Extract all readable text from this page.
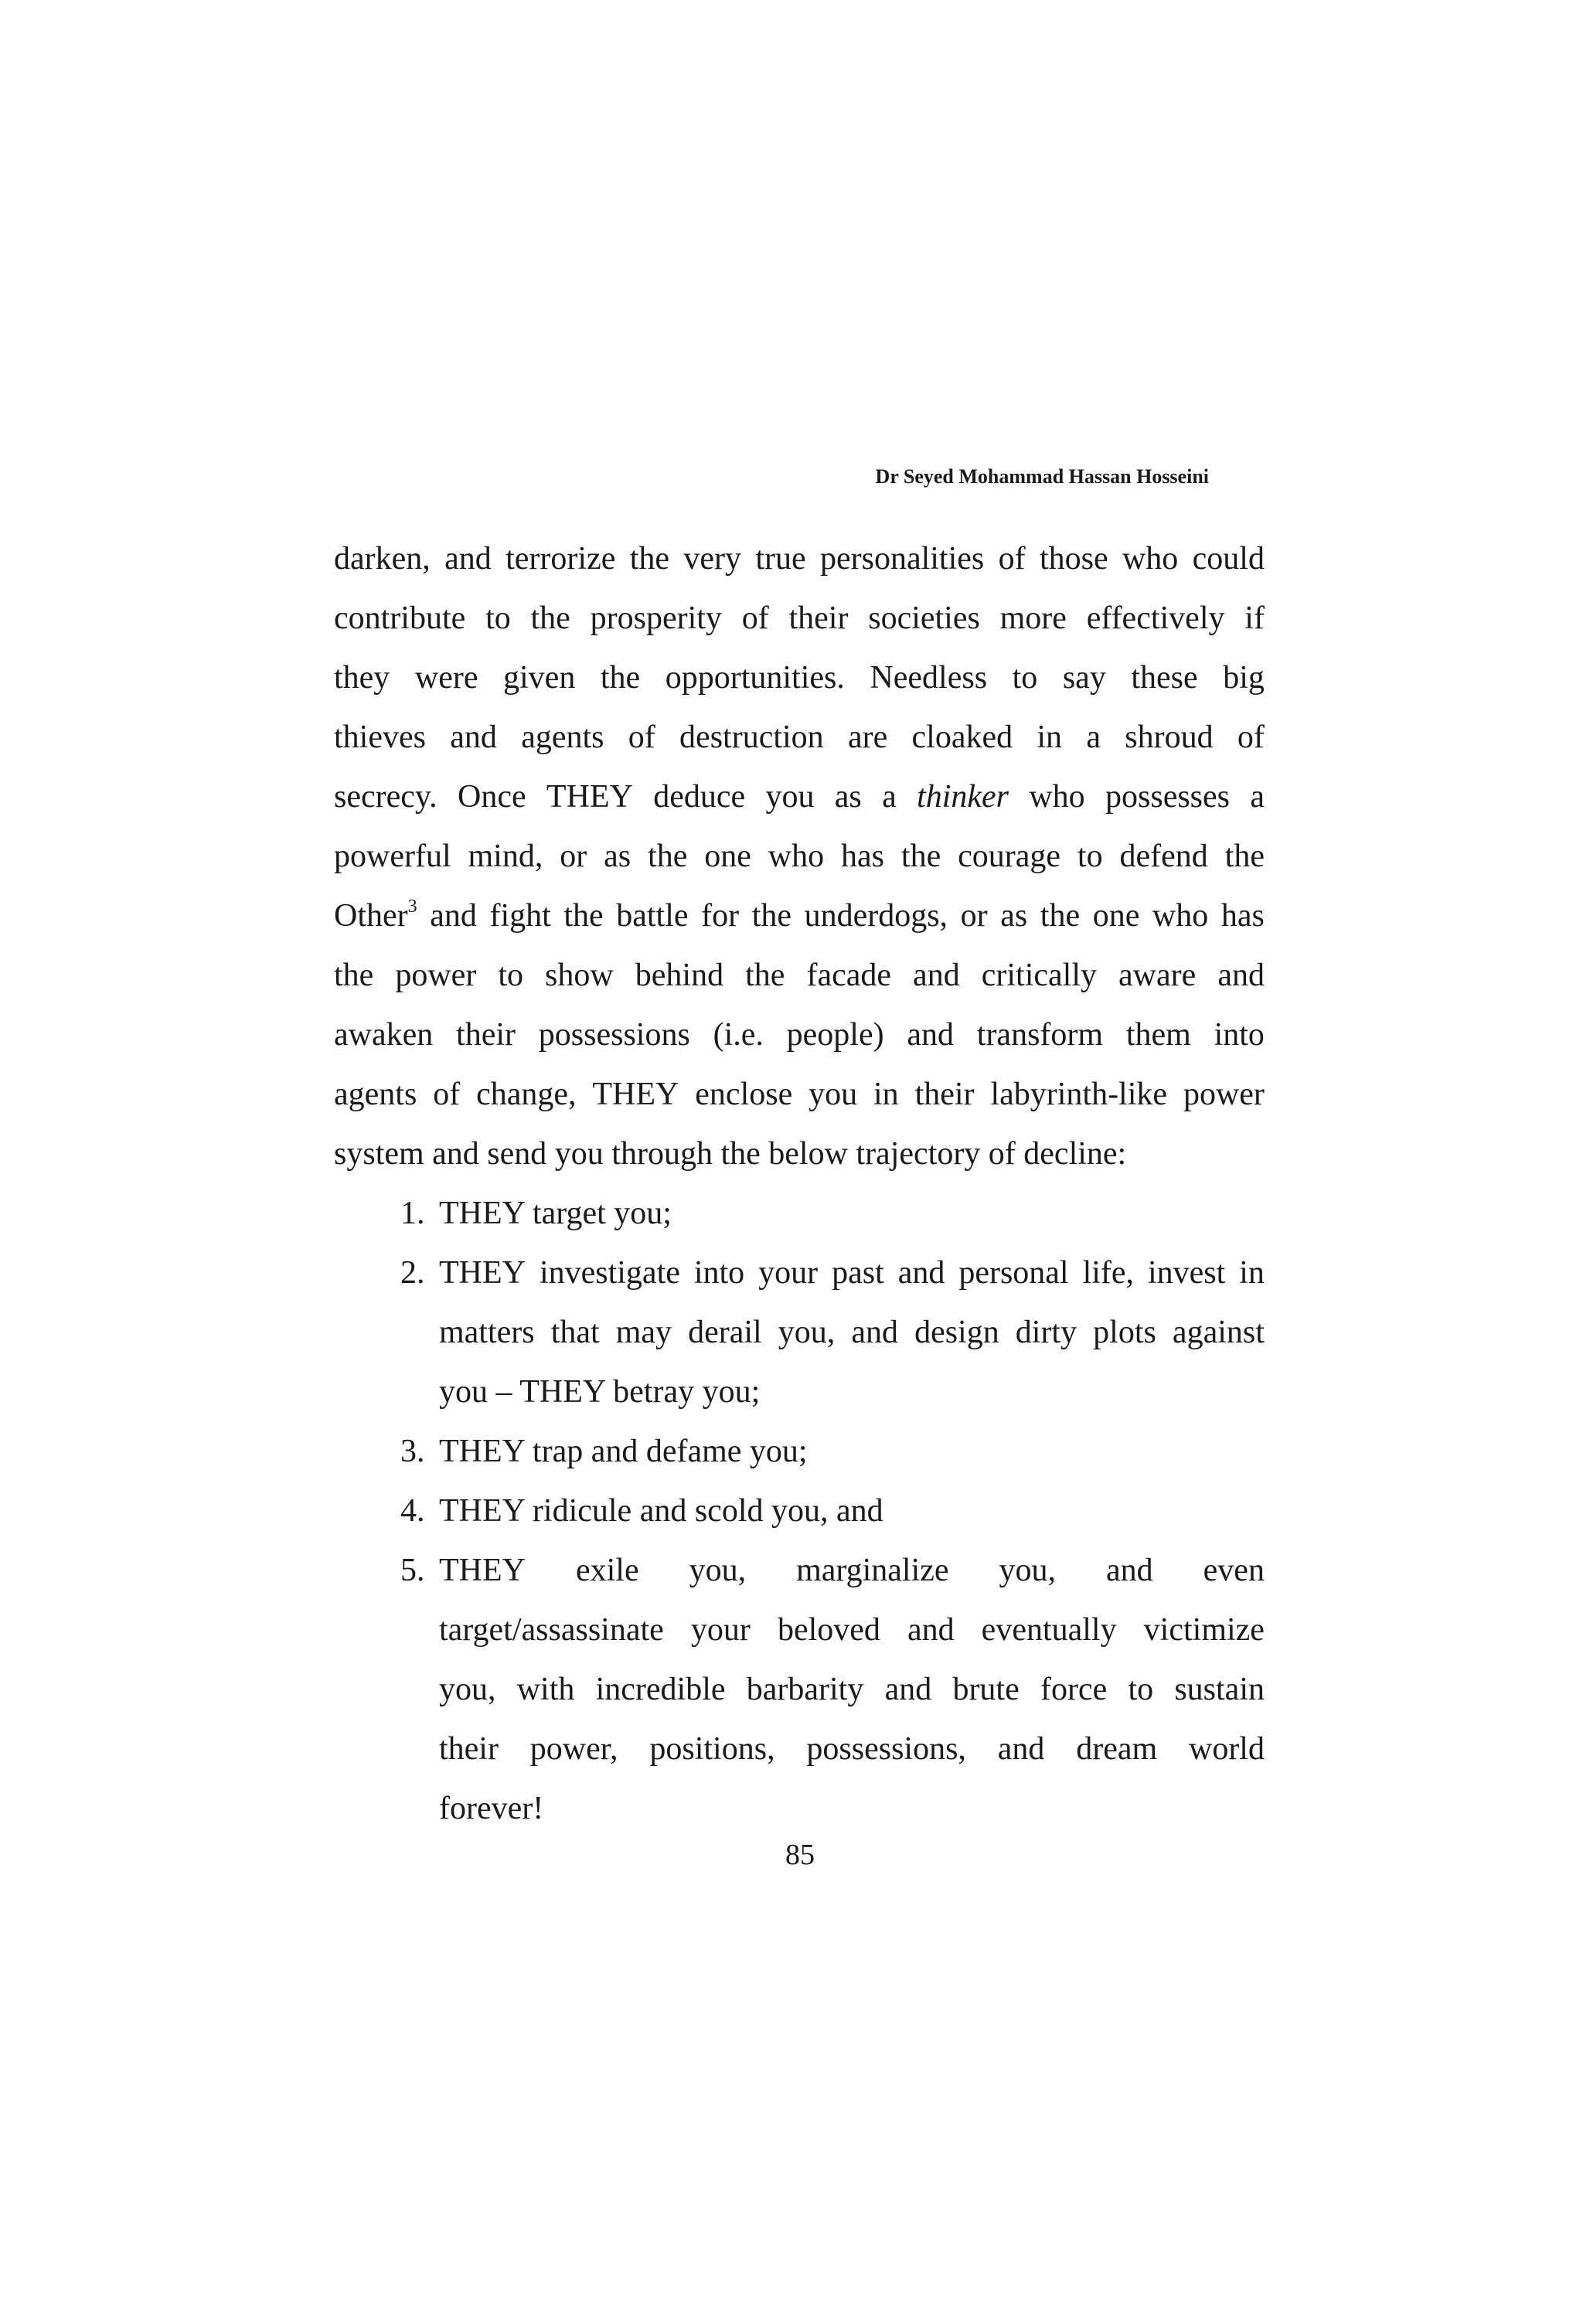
Dr Seyed Mohammad Hassan Hosseini
darken, and terrorize the very true personalities of those who could
contribute to the prosperity of their societies more effectively if
they were given the opportunities. Needless to say these big
thieves and agents of destruction are cloaked in a shroud of
secrecy. Once THEY deduce you as a thinker who possesses a
powerful mind, or as the one who has the courage to defend the
Other$^3$ and fight the battle for the underdogs, or as the one who has
the power to show behind the facade and critically aware and
awaken their possessions (i.e. people) and transform them into
agents of change, THEY enclose you in their labyrinth-like power
system and send you through the below trajectory of decline:
1. THEY target you;
2. THEY investigate into your past and personal life, invest in
matters that may derail you, and design dirty plots against
you – THEY betray you;
3. THEY trap and defame you;
4. THEY ridicule and scold you, and
5. THEY exile you, marginalize you, and even
target/assassinate your beloved and eventually victimize
you, with incredible barbarity and brute force to sustain
their power, positions, possessions, and dream world
forever!
85
